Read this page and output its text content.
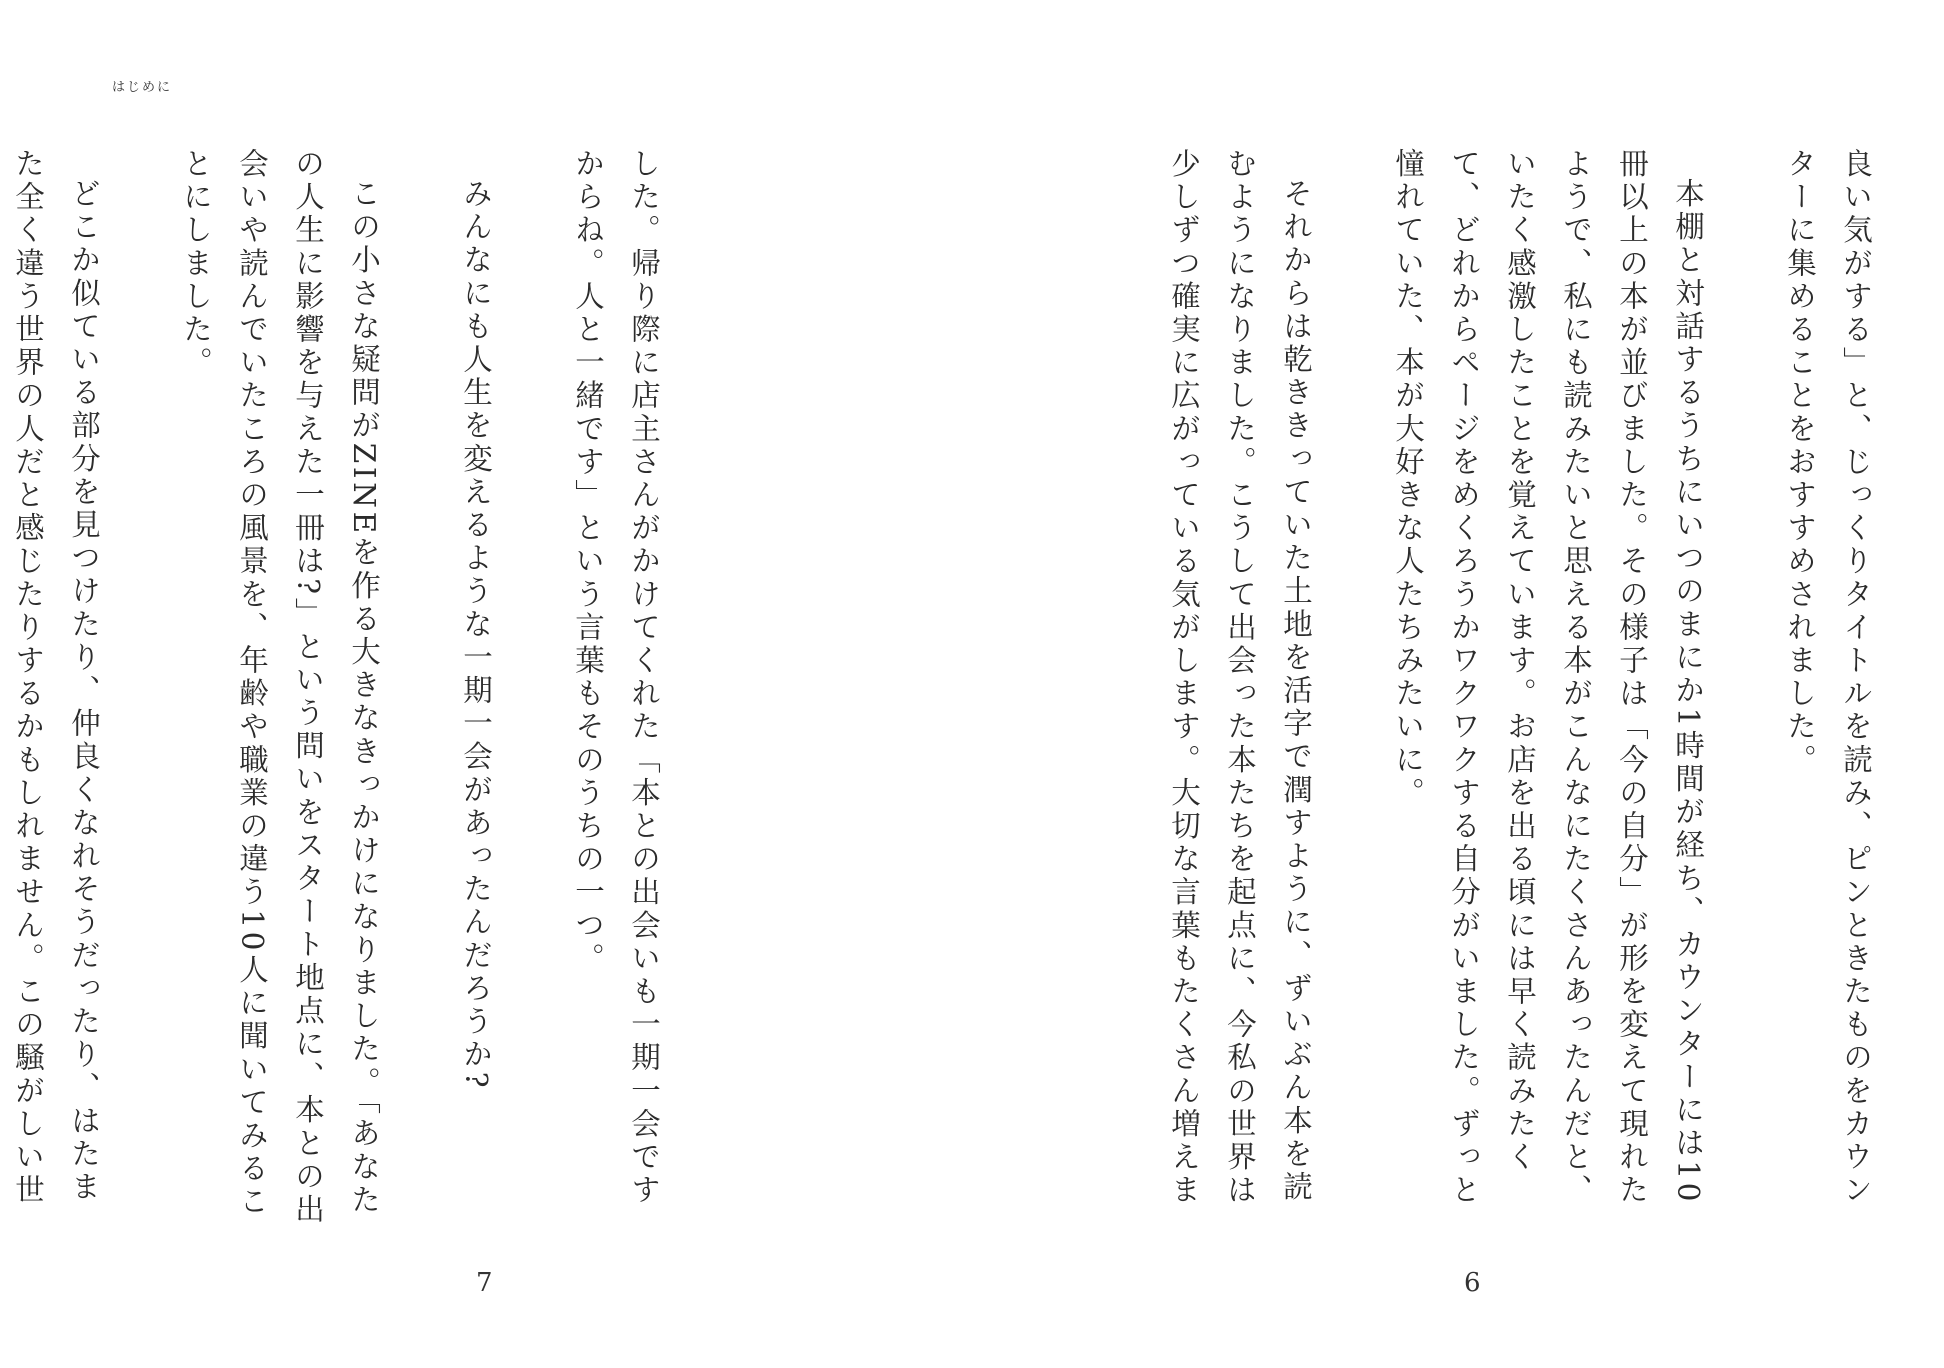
はじめに

した。帰り際に店主さんがかけてくれた「本との出会いも一期一会ですからね。人と一緒です」という言葉もそのうちの一つ。

みんなにも人生を変えるような一期一会があったんだろうか?

この小さな疑問がZINEを作る大きなきっかけになりました。「あなたの人生に影響を与えた一冊は?」という問いをスタート地点に、本との出会いや読んでいたころの風景を、年齢や職業の違う10人に聞いてみることにしました。

どこか似ている部分を見つけたり、仲良くなれそうだったり、はたまた全く違う世界の人だと感じたりするかもしれません。この騒がしい世

7

良い気がする」と、じっくりタイトルを読み、ピンときたものをカウンターに集めることをおすすめされました。

本棚と対話するうちにいつのまにか1時間が経ち、カウンターには10冊以上の本が並びました。その様子は「今の自分」が形を変えて現れたようで、私にも読みたいと思える本がこんなにたくさんあったんだと、いたく感激したことを覚えています。お店を出る頃には早く読みたくて、どれからページをめくろうかワクワクする自分がいました。ずっと憧れていた、本が大好きな人たちみたいに。

それからは乾ききっていた土地を活字で潤すように、ずいぶん本を読むようになりました。こうして出会った本たちを起点に、今私の世界は少しずつ確実に広がっている気がします。大切な言葉もたくさん増えま

6
